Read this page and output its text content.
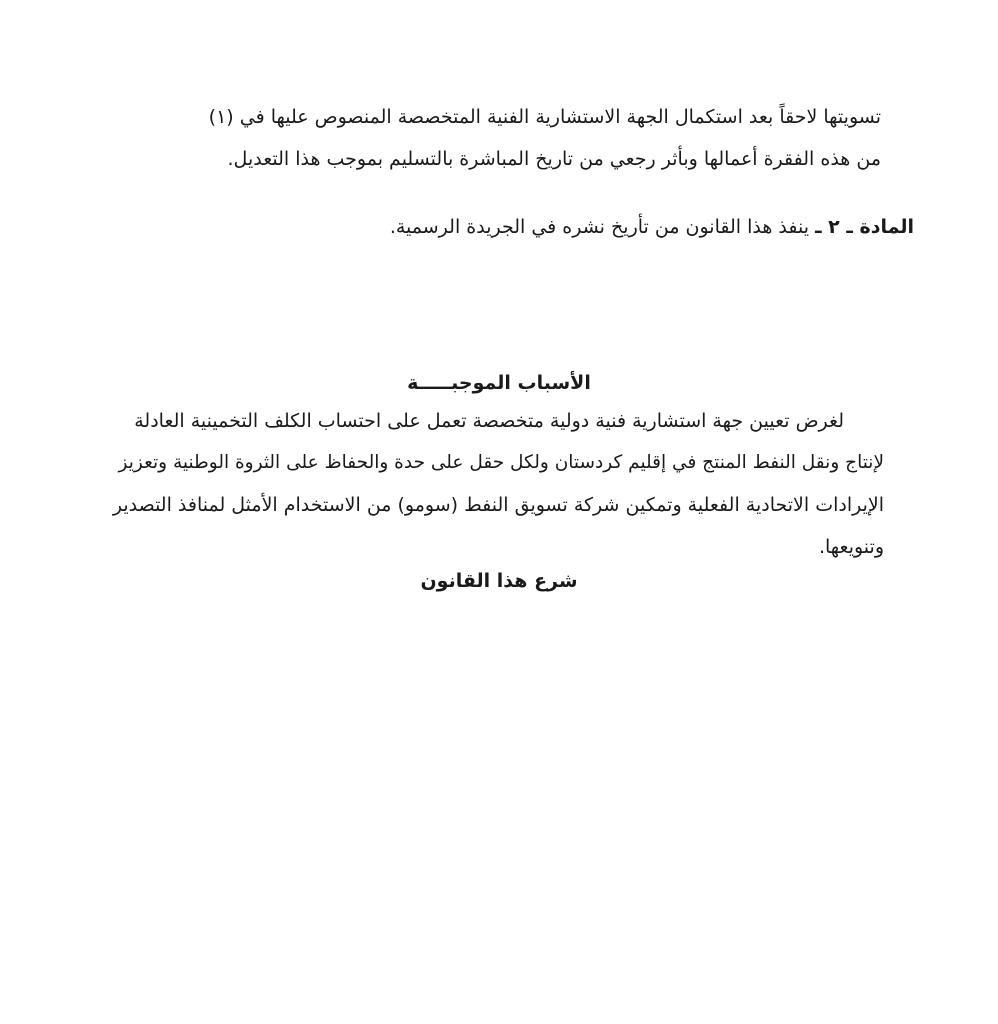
تسويتها لاحقاً بعد استكمال الجهة الاستشارية الفنية المتخصصة المنصوص عليها في (١)
من هذه الفقرة أعمالها وبأثر رجعي من تاريخ المباشرة بالتسليم بموجب هذا التعديل.
المادة ـ ٢ ـ ينفذ هذا القانون من تأريخ نشره في الجريدة الرسمية.
الأسباب الموجبـــــة
لغرض تعيين جهة استشارية فنية دولية متخصصة تعمل على احتساب الكلف التخمينية العادلة
لإنتاج ونقل النفط المنتج في إقليم كردستان ولكل حقل على حدة والحفاظ على الثروة الوطنية وتعزيز
الإيرادات الاتحادية الفعلية وتمكين شركة تسويق النفط (سومو) من الاستخدام الأمثل لمنافذ التصدير
وتنويعها.
شرع هذا القانون
